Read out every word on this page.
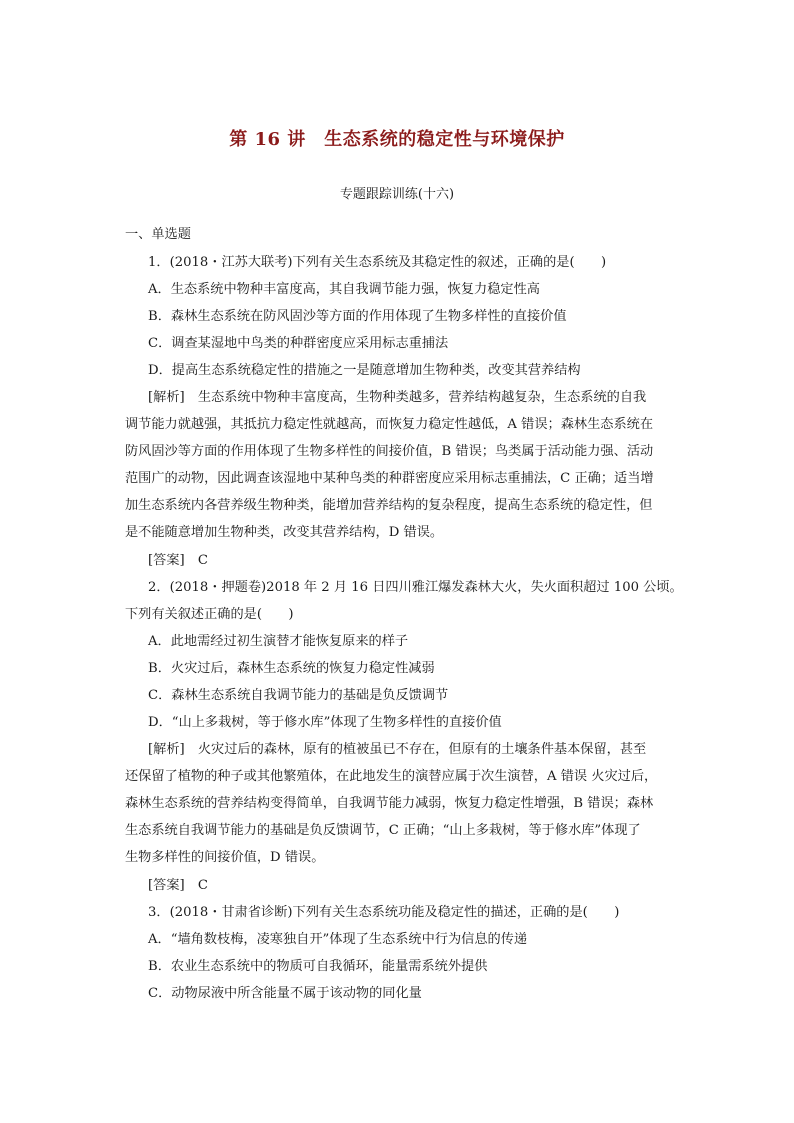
第 16 讲　生态系统的稳定性与环境保护
专题跟踪训练(十六)
一、单选题
1．(2018・江苏大联考)下列有关生态系统及其稳定性的叙述，正确的是(　　)
A．生态系统中物种丰富度高，其自我调节能力强，恢复力稳定性高
B．森林生态系统在防风固沙等方面的作用体现了生物多样性的直接价值
C．调查某湿地中鸟类的种群密度应采用标志重捕法
D．提高生态系统稳定性的措施之一是随意增加生物种类，改变其营养结构
[解析]　生态系统中物种丰富度高，生物种类越多，营养结构越复杂，生态系统的自我
调节能力就越强，其抵抗力稳定性就越高，而恢复力稳定性越低，A 错误；森林生态系统在
防风固沙等方面的作用体现了生物多样性的间接价值，B 错误；鸟类属于活动能力强、活动
范围广的动物，因此调查该湿地中某种鸟类的种群密度应采用标志重捕法，C 正确；适当增
加生态系统内各营养级生物种类，能增加营养结构的复杂程度，提高生态系统的稳定性，但
是不能随意增加生物种类，改变其营养结构，D 错误。
[答案]　C
2．(2018・押题卷)2018 年 2 月 16 日四川雅江爆发森林大火，失火面积超过 100 公顷。
下列有关叙述正确的是(　　)
A．此地需经过初生演替才能恢复原来的样子
B．火灾过后，森林生态系统的恢复力稳定性减弱
C．森林生态系统自我调节能力的基础是负反馈调节
D．“山上多栽树，等于修水库”体现了生物多样性的直接价值
[解析]　火灾过后的森林，原有的植被虽已不存在，但原有的土壤条件基本保留，甚至
还保留了植物的种子或其他繁殖体，在此地发生的演替应属于次生演替，A 错误 火灾过后，
森林生态系统的营养结构变得简单，自我调节能力减弱，恢复力稳定性增强，B 错误；森林
生态系统自我调节能力的基础是负反馈调节，C 正确；“山上多栽树，等于修水库”体现了
生物多样性的间接价值，D 错误。
[答案]　C
3．(2018・甘肃省诊断)下列有关生态系统功能及稳定性的描述，正确的是(　　)
A．“墙角数枝梅，凌寒独自开”体现了生态系统中行为信息的传递
B．农业生态系统中的物质可自我循环，能量需系统外提供
C．动物尿液中所含能量不属于该动物的同化量
